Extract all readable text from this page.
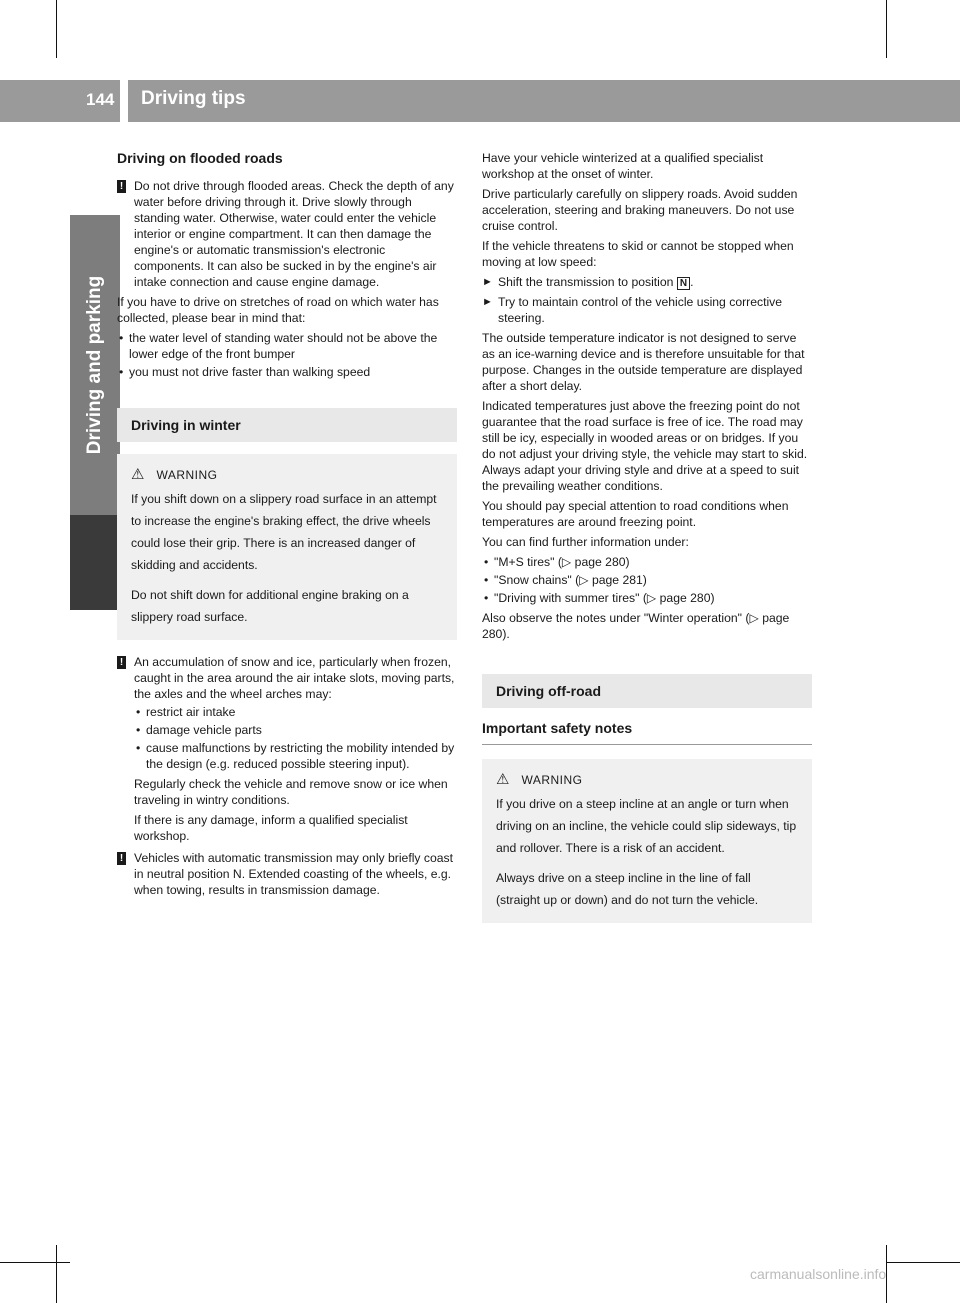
144 Driving tips
Driving and parking
Driving on flooded roads
! Do not drive through flooded areas. Check the depth of any water before driving through it. Drive slowly through standing water. Otherwise, water could enter the vehicle interior or engine compartment. It can then damage the engine's or automatic transmission's electronic components. It can also be sucked in by the engine's air intake connection and cause engine damage.

If you have to drive on stretches of road on which water has collected, please bear in mind that:

• the water level of standing water should not be above the lower edge of the front bumper
• you must not drive faster than walking speed
Driving in winter
⚠ WARNING

If you shift down on a slippery road surface in an attempt to increase the engine's braking effect, the drive wheels could lose their grip. There is an increased danger of skidding and accidents.

Do not shift down for additional engine braking on a slippery road surface.

! An accumulation of snow and ice, particularly when frozen, caught in the area around the air intake slots, moving parts, the axles and the wheel arches may:
• restrict air intake
• damage vehicle parts
• cause malfunctions by restricting the mobility intended by the design (e.g. reduced possible steering input).

Regularly check the vehicle and remove snow or ice when traveling in wintry conditions.

If there is any damage, inform a qualified specialist workshop.

! Vehicles with automatic transmission may only briefly coast in neutral position N. Extended coasting of the wheels, e.g. when towing, results in transmission damage.

Have your vehicle winterized at a qualified specialist workshop at the onset of winter.

Drive particularly carefully on slippery roads. Avoid sudden acceleration, steering and braking maneuvers. Do not use cruise control.

If the vehicle threatens to skid or cannot be stopped when moving at low speed:

► Shift the transmission to position N .
► Try to maintain control of the vehicle using corrective steering.

The outside temperature indicator is not designed to serve as an ice-warning device and is therefore unsuitable for that purpose. Changes in the outside temperature are displayed after a short delay.

Indicated temperatures just above the freezing point do not guarantee that the road surface is free of ice. The road may still be icy, especially in wooded areas or on bridges. If you do not adjust your driving style, the vehicle may start to skid. Always adapt your driving style and drive at a speed to suit the prevailing weather conditions.

You should pay special attention to road conditions when temperatures are around freezing point.

You can find further information under:

• "M+S tires" (▷ page 280)
• "Snow chains" (▷ page 281)
• "Driving with summer tires" (▷ page 280)

Also observe the notes under "Winter operation" (▷ page 280).

Driving off-road
Important safety notes
⚠ WARNING

If you drive on a steep incline at an angle or turn when driving on an incline, the vehicle could slip sideways, tip and rollover. There is a risk of an accident.

Always drive on a steep incline in the line of fall (straight up or down) and do not turn the vehicle.

carmanualsonline.info
